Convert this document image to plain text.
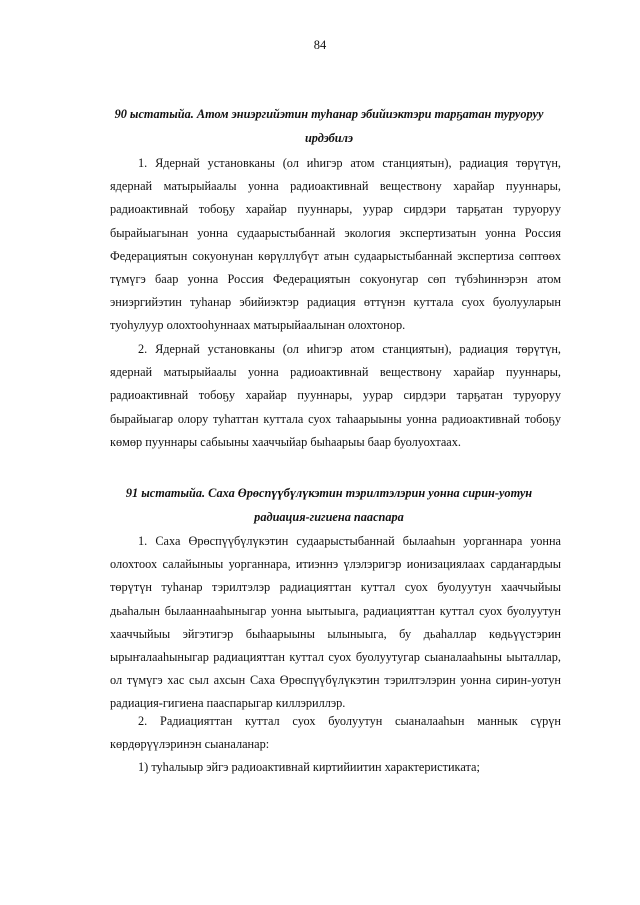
84

90 ыстатыйа. Атом эниэргийэтин туһанар эбийиэктэри тарҕатан туруоруу ирдэбилэ

1. Ядернай установканы (ол иһигэр атом станциятын), радиация төрүтүн, ядернай матырыйаалы уонна радиоактивнай веществону харайар пууннары, радиоактивнай тобоҕу харайар пууннары, уурар сирдэри тарҕатан туруоруу бырайыагынан уонна судаарыстыбаннай экология экспертизатын уонна Россия Федерациятын сокуонунан көрүллүбүт атын судаарыстыбаннай экспертиза сөптөөх түмүгэ баар уонна Россия Федерациятын сокуонугар сөп түбэһиннэрэн атом эниэргийэтин туһанар эбийиэктэр радиация өттүнэн куттала суох буолууларын туоһулуур олохтооһуннаах матырыйаалынан олохтонор.

2. Ядернай установканы (ол иһигэр атом станциятын), радиация төрүтүн, ядернай матырыйаалы уонна радиоактивнай веществону харайар пууннары, радиоактивнай тобоҕу харайар пууннары, уурар сирдэри тарҕатан туруоруу бырайыагар олору туһаттан куттала суох таһаарыыны уонна радиоактивнай тобоҕу көмөр пууннары сабыыны хааччыйар быһаарыы баар буолуохтаах.

91 ыстатыйа. Саха Өрөспүүбүлүкэтин тэрилтэлэрин уонна сирин-уотун радиация-гигиена пааспара

1. Саха Өрөспүүбүлүкэтин судаарыстыбаннай былааһын уорганнара уонна олохтоох салайыныы уорганнара, итиэннэ үлэлэригэр ионизациялаах сардаҥардыы төрүтүн туһанар тэрилтэлэр радиацияттан куттал суох буолуутун хааччыйыы дьаһалын былааннааһыныгар уонна ыытыыга, радиацияттан куттал суох буолуутун хааччыйыы эйгэтигэр быһаарыыны ылыныыга, бу дьаһаллар көдьүүстэрин ырыҥалааһыныгар радиацияттан куттал суох буолуутугар сыаналааһыны ыыталлар, ол түмүгэ хас сыл ахсын Саха Өрөспүүбүлүкэтин тэрилтэлэрин уонна сирин-уотун радиация-гигиена пааспарыгар киллэриллэр.

2. Радиацияттан куттал суох буолуутун сыаналааһын маннык сүрүн көрдөрүүлэринэн сыаналанар:

1) туһалыыр эйгэ радиоактивнай киртийиитин характеристиката;
